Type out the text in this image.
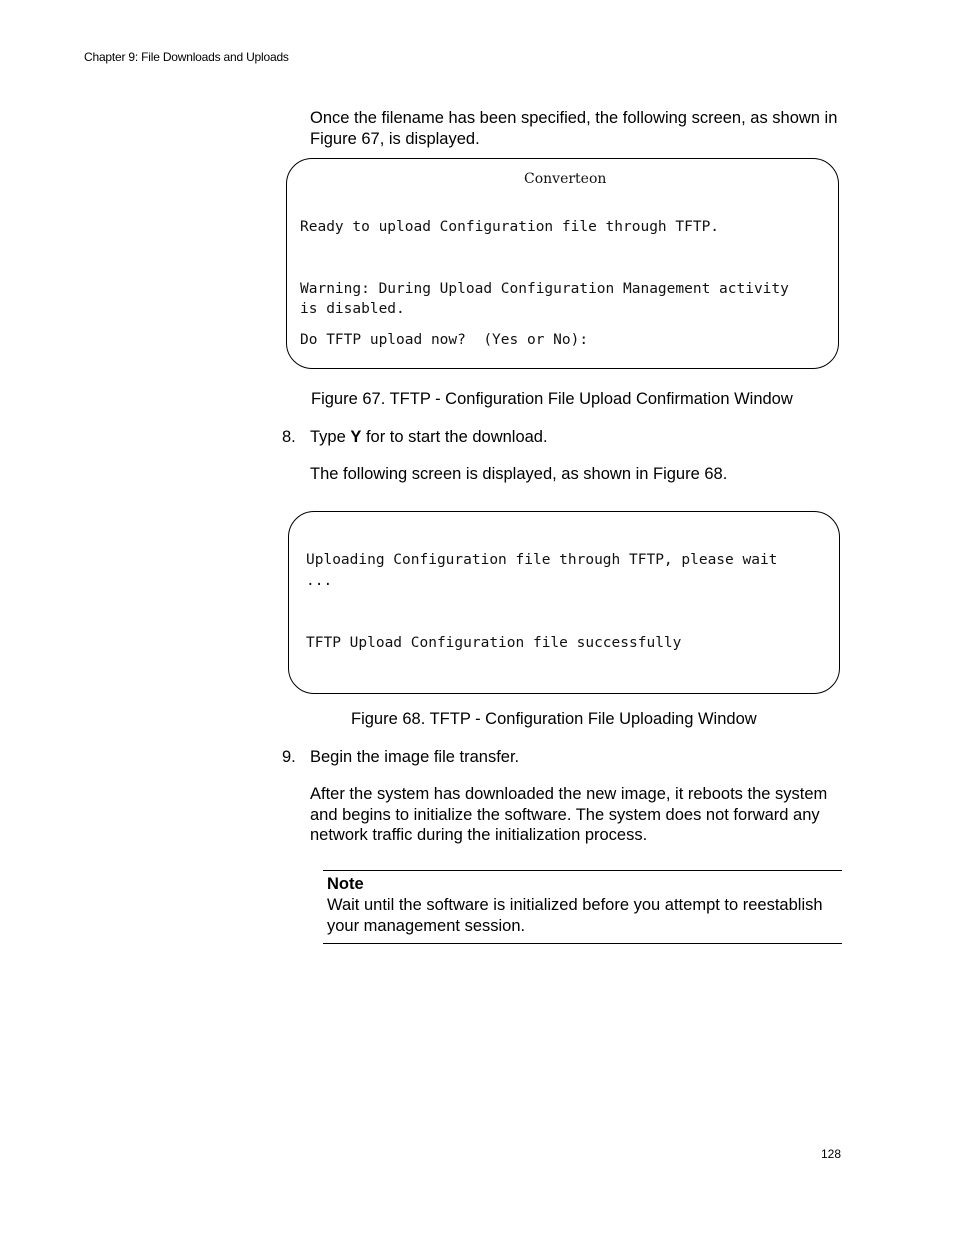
Chapter 9: File Downloads and Uploads
Once the filename has been specified, the following screen, as shown in Figure 67, is displayed.
Converteon
Ready to upload Configuration file through TFTP.
Warning: During Upload Configuration Management activity
is disabled.
Do TFTP upload now?  (Yes or No):
Figure 67. TFTP - Configuration File Upload Confirmation Window
8. Type Y for to start the download.
The following screen is displayed, as shown in Figure 68.
Uploading Configuration file through TFTP, please wait
...
TFTP Upload Configuration file successfully
Figure 68. TFTP - Configuration File Uploading Window
9. Begin the image file transfer.
After the system has downloaded the new image, it reboots the system and begins to initialize the software. The system does not forward any network traffic during the initialization process.
Note
Wait until the software is initialized before you attempt to reestablish your management session.
128
